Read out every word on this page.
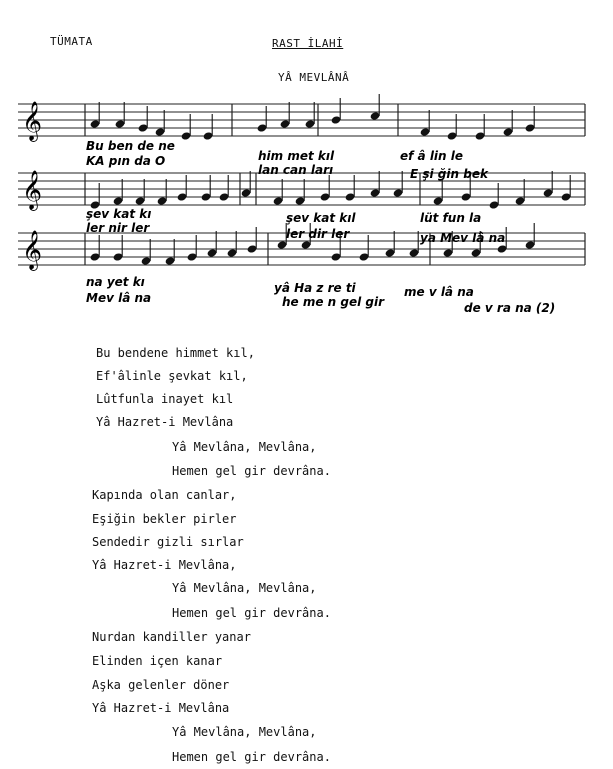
TÜMATA	RAST İLAHİ
YÂ MEVLÂNÂ
𝄞
𝄞
𝄞
Bu ben de ne
KA pın da O	him met kıl
lan can ları
ef â lin le
E şi ğin bek
şev kat kı
ler nir ler
şev kat kıl
ler dir ler
lüt fun la
ya Mev lâ na
na yet kı
Mev lâ na
yâ Ha z re ti	me v lâ na
he me n gel gir	de v ra na (2)
Bu bendene himmet kıl,
Ef'âlinle şevkat kıl,
Lûtfunla inayet kıl
Yâ Hazret-i Mevlâna
Yâ Mevlâna, Mevlâna,
Hemen gel gir devrâna.
Kapında olan canlar,
Eşiğin bekler pirler
Sendedir gizli sırlar
Yâ Hazret-i Mevlâna,
Yâ Mevlâna, Mevlâna,
Hemen gel gir devrâna.
Nurdan kandiller yanar
Elinden içen kanar
Aşka gelenler döner
Yâ Hazret-i Mevlâna
Yâ Mevlâna, Mevlâna,
Hemen gel gir devrâna.
